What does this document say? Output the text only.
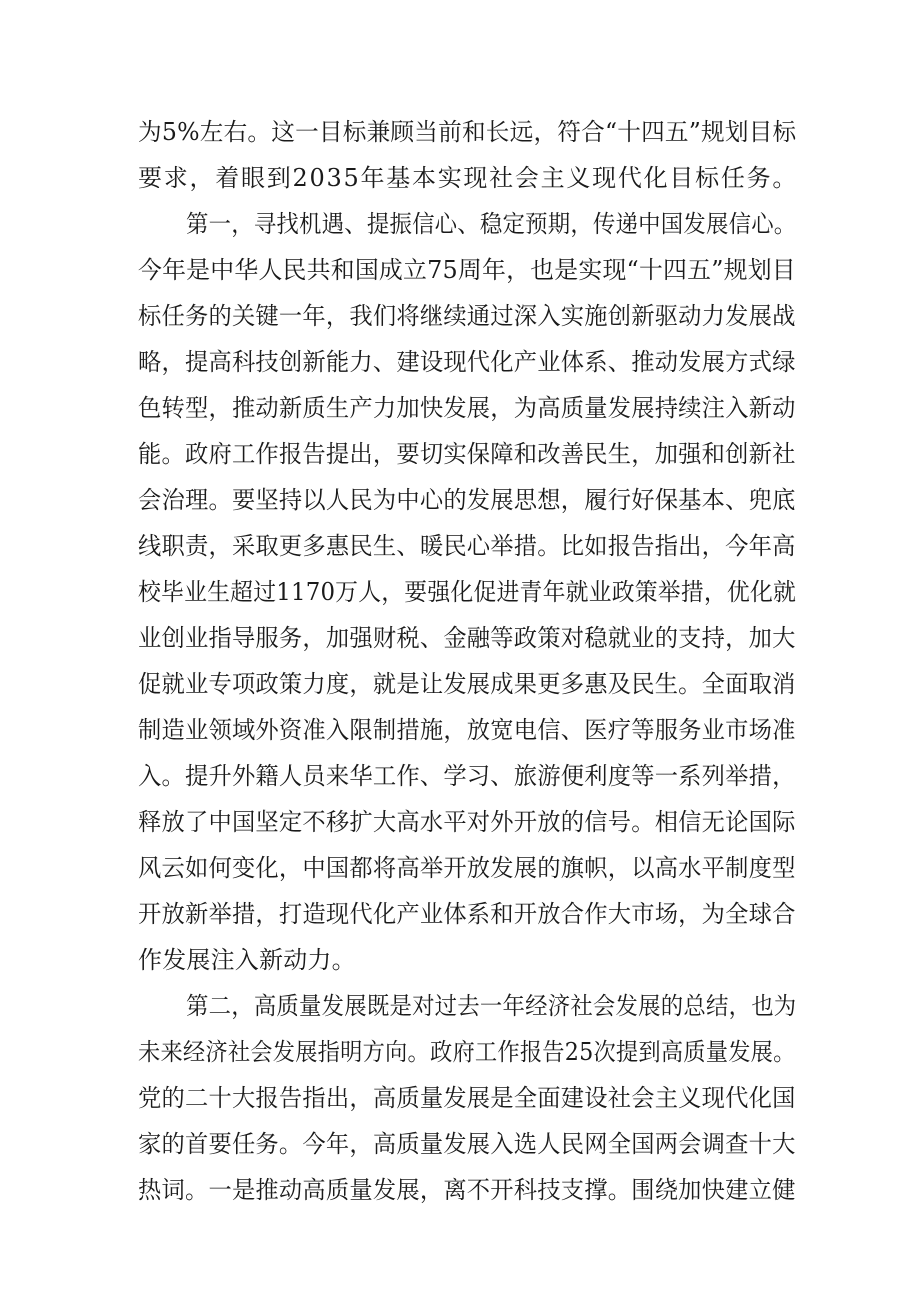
为5%左右。这一目标兼顾当前和长远，符合“十四五”规划目标
要求，着眼到2035年基本实现社会主义现代化目标任务。
第一，寻找机遇、提振信心、稳定预期，传递中国发展信心。
今年是中华人民共和国成立75周年，也是实现“十四五”规划目
标任务的关键一年，我们将继续通过深入实施创新驱动力发展战
略，提高科技创新能力、建设现代化产业体系、推动发展方式绿
色转型，推动新质生产力加快发展，为高质量发展持续注入新动
能。政府工作报告提出，要切实保障和改善民生，加强和创新社
会治理。要坚持以人民为中心的发展思想，履行好保基本、兜底
线职责，采取更多惠民生、暖民心举措。比如报告指出，今年高
校毕业生超过1170万人，要强化促进青年就业政策举措，优化就
业创业指导服务，加强财税、金融等政策对稳就业的支持，加大
促就业专项政策力度，就是让发展成果更多惠及民生。全面取消
制造业领域外资准入限制措施，放宽电信、医疗等服务业市场准
入。提升外籍人员来华工作、学习、旅游便利度等一系列举措，
释放了中国坚定不移扩大高水平对外开放的信号。相信无论国际
风云如何变化，中国都将高举开放发展的旗帜，以高水平制度型
开放新举措，打造现代化产业体系和开放合作大市场，为全球合
作发展注入新动力。
第二，高质量发展既是对过去一年经济社会发展的总结，也为
未来经济社会发展指明方向。政府工作报告25次提到高质量发展。
党的二十大报告指出，高质量发展是全面建设社会主义现代化国
家的首要任务。今年，高质量发展入选人民网全国两会调查十大
热词。一是推动高质量发展，离不开科技支撑。围绕加快建立健
